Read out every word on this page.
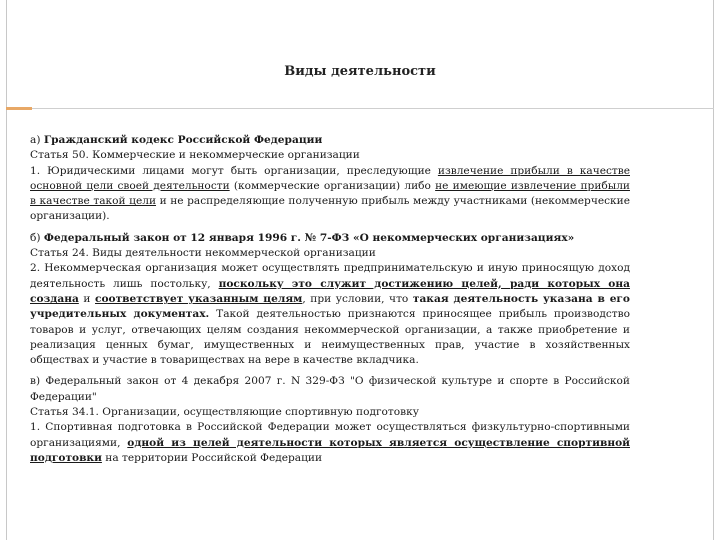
Виды деятельности

а) Гражданский кодекс Российской Федерации
Статья 50. Коммерческие и некоммерческие организации
1. Юридическими лицами могут быть организации, преследующие извлечение прибыли в качестве основной цели своей деятельности (коммерческие организации) либо не имеющие извлечение прибыли в качестве такой цели и не распределяющие полученную прибыль между участниками (некоммерческие организации).

б) Федеральный закон от 12 января 1996 г. № 7-ФЗ «О некоммерческих организациях»
Статья 24. Виды деятельности некоммерческой организации
2. Некоммерческая организация может осуществлять предпринимательскую и иную приносящую доход деятельность лишь постольку, поскольку это служит достижению целей, ради которых она создана и соответствует указанным целям, при условии, что такая деятельность указана в его учредительных документах. Такой деятельностью признаются приносящее прибыль производство товаров и услуг, отвечающих целям создания некоммерческой организации, а также приобретение и реализация ценных бумаг, имущественных и неимущественных прав, участие в хозяйственных обществах и участие в товариществах на вере в качестве вкладчика.

в) Федеральный закон от 4 декабря 2007 г. N 329-ФЗ "О физической культуре и спорте в Российской Федерации"
Статья 34.1. Организации, осуществляющие спортивную подготовку
1. Спортивная подготовка в Российской Федерации может осуществляться физкультурно-спортивными организациями, одной из целей деятельности которых является осуществление спортивной подготовки на территории Российской Федерации
